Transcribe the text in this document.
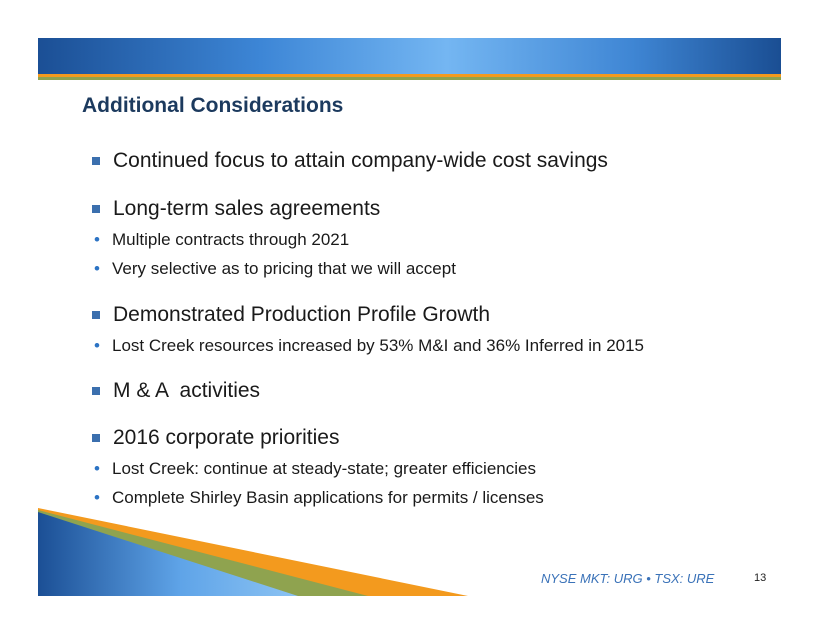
Additional Considerations
Continued focus to attain company-wide cost savings
Long-term sales agreements
• Multiple contracts through 2021
• Very selective as to pricing that we will accept
Demonstrated Production Profile Growth
• Lost Creek resources increased by 53% M&I and 36% Inferred in 2015
M & A  activities
2016 corporate priorities
• Lost Creek: continue at steady-state; greater efficiencies
• Complete Shirley Basin applications for permits / licenses
NYSE MKT: URG • TSX: URE	13
